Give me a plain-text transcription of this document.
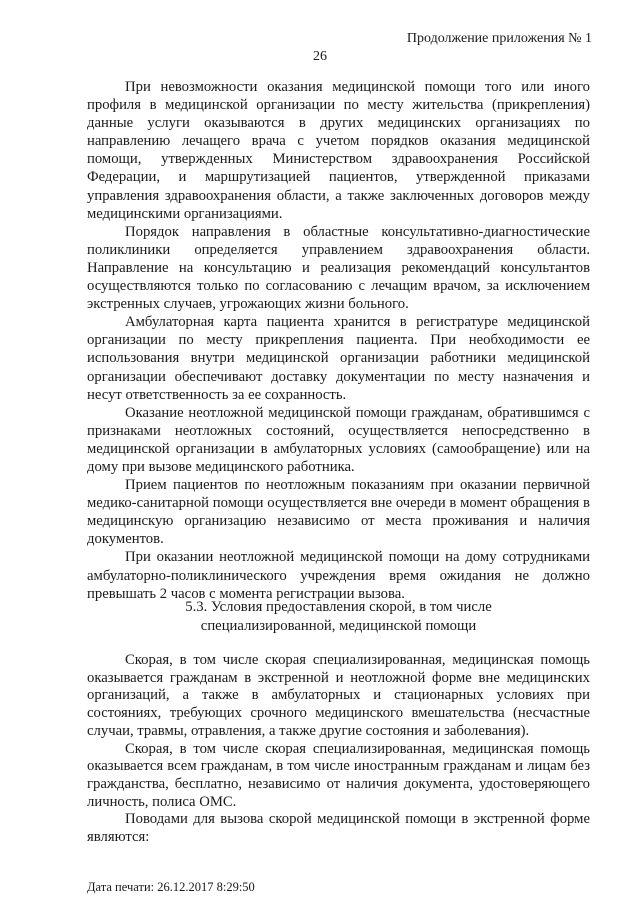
Продолжение приложения № 1
26

При невозможности оказания медицинской помощи того или иного профиля в медицинской организации по месту жительства (прикрепления) данные услуги оказываются в других медицинских организациях по направлению лечащего врача с учетом порядков оказания медицинской помощи, утвержденных Министерством здравоохранения Российской Федерации, и маршрутизацией пациентов, утвержденной приказами управления здравоохранения области, а также заключенных договоров между медицинскими организациями.

Порядок направления в областные консультативно-диагностические поликлиники определяется управлением здравоохранения области. Направление на консультацию и реализация рекомендаций консультантов осуществляются только по согласованию с лечащим врачом, за исключением экстренных случаев, угрожающих жизни больного.

Амбулаторная карта пациента хранится в регистратуре медицинской организации по месту прикрепления пациента. При необходимости ее использования внутри медицинской организации работники медицинской организации обеспечивают доставку документации по месту назначения и несут ответственность за ее сохранность.

Оказание неотложной медицинской помощи гражданам, обратившимся с признаками неотложных состояний, осуществляется непосредственно в медицинской организации в амбулаторных условиях (самообращение) или на дому при вызове медицинского работника.

Прием пациентов по неотложным показаниям при оказании первичной медико-санитарной помощи осуществляется вне очереди в момент обращения в медицинскую организацию независимо от места проживания и наличия документов.

При оказании неотложной медицинской помощи на дому сотрудниками амбулаторно-поликлинического учреждения время ожидания не должно превышать 2 часов с момента регистрации вызова.

5.3. Условия предоставления скорой, в том числе
специализированной, медицинской помощи

Скорая, в том числе скорая специализированная, медицинская помощь оказывается гражданам в экстренной и неотложной форме вне медицинских организаций, а также в амбулаторных и стационарных условиях при состояниях, требующих срочного медицинского вмешательства (несчастные случаи, травмы, отравления, а также другие состояния и заболевания).

Скорая, в том числе скорая специализированная, медицинская помощь оказывается всем гражданам, в том числе иностранным гражданам и лицам без гражданства, бесплатно, независимо от наличия документа, удостоверяющего личность, полиса ОМС.

Поводами для вызова скорой медицинской помощи в экстренной форме являются:

Дата печати: 26.12.2017 8:29:50
